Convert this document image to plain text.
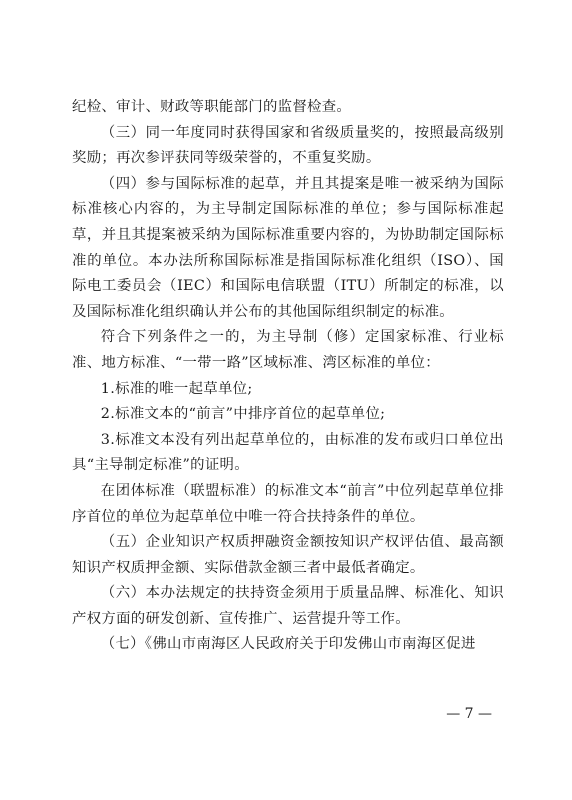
纪检、审计、财政等职能部门的监督检查。

（三）同一年度同时获得国家和省级质量奖的，按照最高级别奖励；再次参评获同等级荣誉的，不重复奖励。

（四）参与国际标准的起草，并且其提案是唯一被采纳为国际标准核心内容的，为主导制定国际标准的单位；参与国际标准起草，并且其提案被采纳为国际标准重要内容的，为协助制定国际标准的单位。本办法所称国际标准是指国际标准化组织（ISO）、国际电工委员会（IEC）和国际电信联盟（ITU）所制定的标准，以及国际标准化组织确认并公布的其他国际组织制定的标准。

符合下列条件之一的，为主导制（修）定国家标准、行业标准、地方标准、“一带一路”区域标准、湾区标准的单位：

1.标准的唯一起草单位;

2.标准文本的“前言”中排序首位的起草单位;

3.标准文本没有列出起草单位的，由标准的发布或归口单位出具“主导制定标准”的证明。

在团体标准（联盟标准）的标准文本“前言”中位列起草单位排序首位的单位为起草单位中唯一符合扶持条件的单位。

（五）企业知识产权质押融资金额按知识产权评估值、最高额知识产权质押金额、实际借款金额三者中最低者确定。

（六）本办法规定的扶持资金须用于质量品牌、标准化、知识产权方面的研发创新、宣传推广、运营提升等工作。

（七）《佛山市南海区人民政府关于印发佛山市南海区促进

— 7 —
